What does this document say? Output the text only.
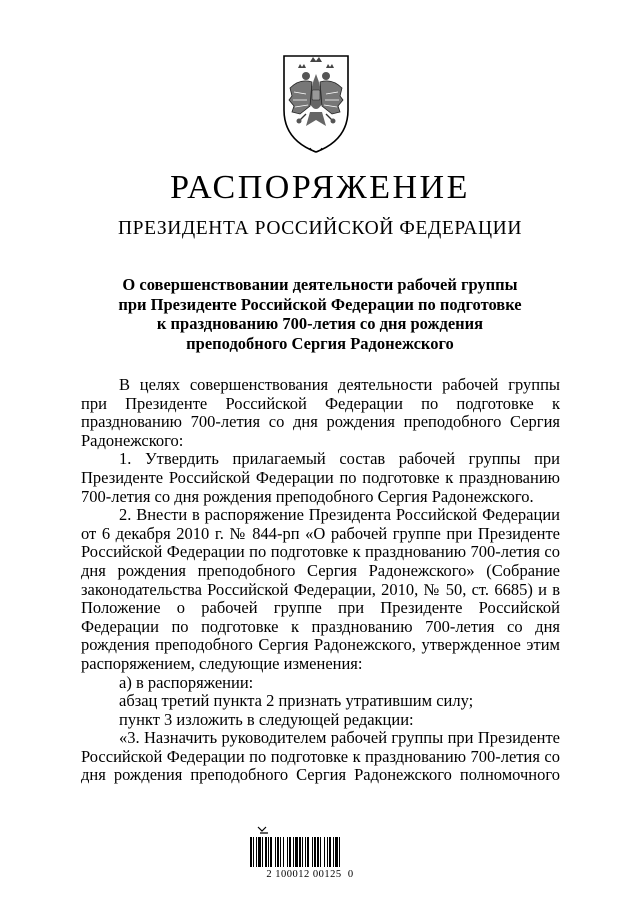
РАСПОРЯЖЕНИЕ
ПРЕЗИДЕНТА РОССИЙСКОЙ ФЕДЕРАЦИИ
О совершенствовании деятельности рабочей группы
при Президенте Российской Федерации по подготовке
к празднованию 700-летия со дня рождения
преподобного Сергия Радонежского

В целях совершенствования деятельности рабочей группы при Президенте Российской Федерации по подготовке к празднованию 700-летия со дня рождения преподобного Сергия Радонежского:

1. Утвердить прилагаемый состав рабочей группы при Президенте Российской Федерации по подготовке к празднованию 700-летия со дня рождения преподобного Сергия Радонежского.

2. Внести в распоряжение Президента Российской Федерации от 6 декабря 2010 г. № 844-рп «О рабочей группе при Президенте Российской Федерации по подготовке к празднованию 700-летия со дня рождения преподобного Сергия Радонежского» (Собрание законодательства Российской Федерации, 2010, № 50, ст. 6685) и в Положение о рабочей группе при Президенте Российской Федерации по подготовке к празднованию 700-летия со дня рождения преподобного Сергия Радонежского, утвержденное этим распоряжением, следующие изменения:

а) в распоряжении:

абзац третий пункта 2 признать утратившим силу;

пункт 3 изложить в следующей редакции:

«3. Назначить руководителем рабочей группы при Президенте Российской Федерации по подготовке к празднованию 700-летия со дня рождения преподобного Сергия Радонежского полномочного

2 100012 00125  0
